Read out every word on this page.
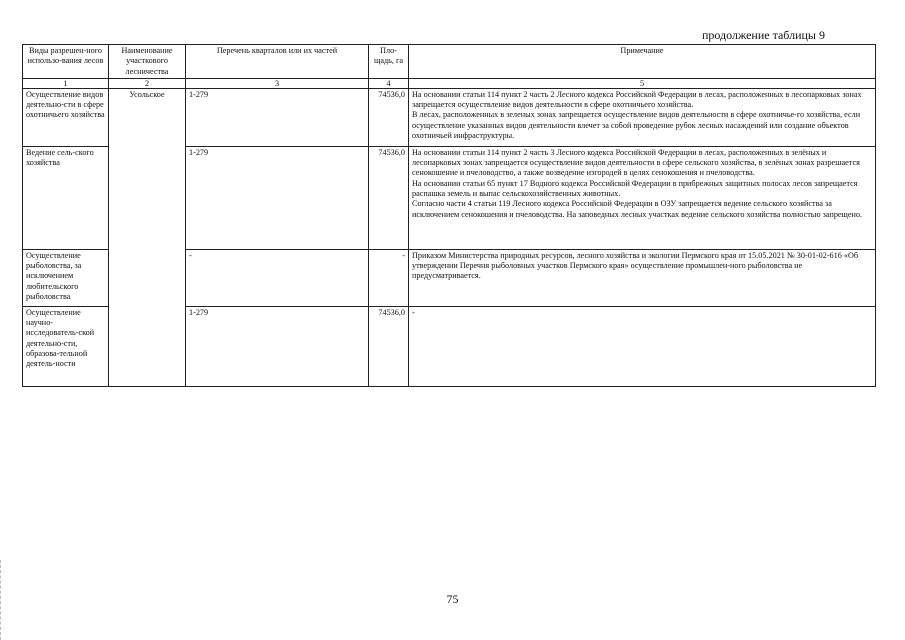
продолжение таблицы 9
Виды разрешен-ного использо-вания лесов	Наименование участкового лесничества	Перечень кварталов или их частей	Пло-щадь, га	Примечание
1	2	3	4	5
Осуществление видов деятельно-сти в сфере охотничьего хозяйства	Усольское	1-279	74536,0	На основании статьи 114 пункт 2 часть 2 Лесного кодекса Российской Федерации в лесах, расположенных в лесопарковых зонах запрещается осуществление видов деятельности в сфере охотничьего хозяйства.
В лесах, расположенных в зеленых зонах запрещается осуществление видов деятельности в сфере охотничье-го хозяйства, если осуществление указанных видов деятельности влечет за собой проведение рубок лесных насаждений или создание объектов охотничьей инфраструктуры.

Ведение сель-ского хозяйства		1-279	74536,0	На основании статьи 114 пункт 2 часть 3 Лесного кодекса Российской Федерации в лесах, расположенных в зелёных и лесопарковых зонах запрещается осуществление видов деятельности в сфере сельского хозяйства, в зелёных зонах разрешается сенокошение и пчеловодство, а также возведение изгородей в целях сенокошения и пчеловодства.
На основании статьи 65 пункт 17 Водного кодекса Российской Федерации в прибрежных защитных полосах лесов запрещается распашка земель и выпас сельскохозяйственных животных.
Согласно части 4 статьи 119 Лесного кодекса Российской Федерации в ОЗУ запрещается ведение сельского хозяйства за исключением сенокошения и пчеловодства. На заповедных лесных участках ведение сельского хозяйства полностью запрещено.

Осуществление рыболовства, за исключением любительского рыболовства		-	-	Приказом Министерства природных ресурсов, лесного хозяйства и экологии Пермского края от 15.05.2021 № 30-01-02-616 «Об утверждении Перечня рыболовных участков Пермского края» осуществление промышлен-ного рыболовства не предусматривается.

Осуществление научно-исследователь-ской деятельно-сти, образова-тельной деятель-ности		1-279	74536,0	-
75
